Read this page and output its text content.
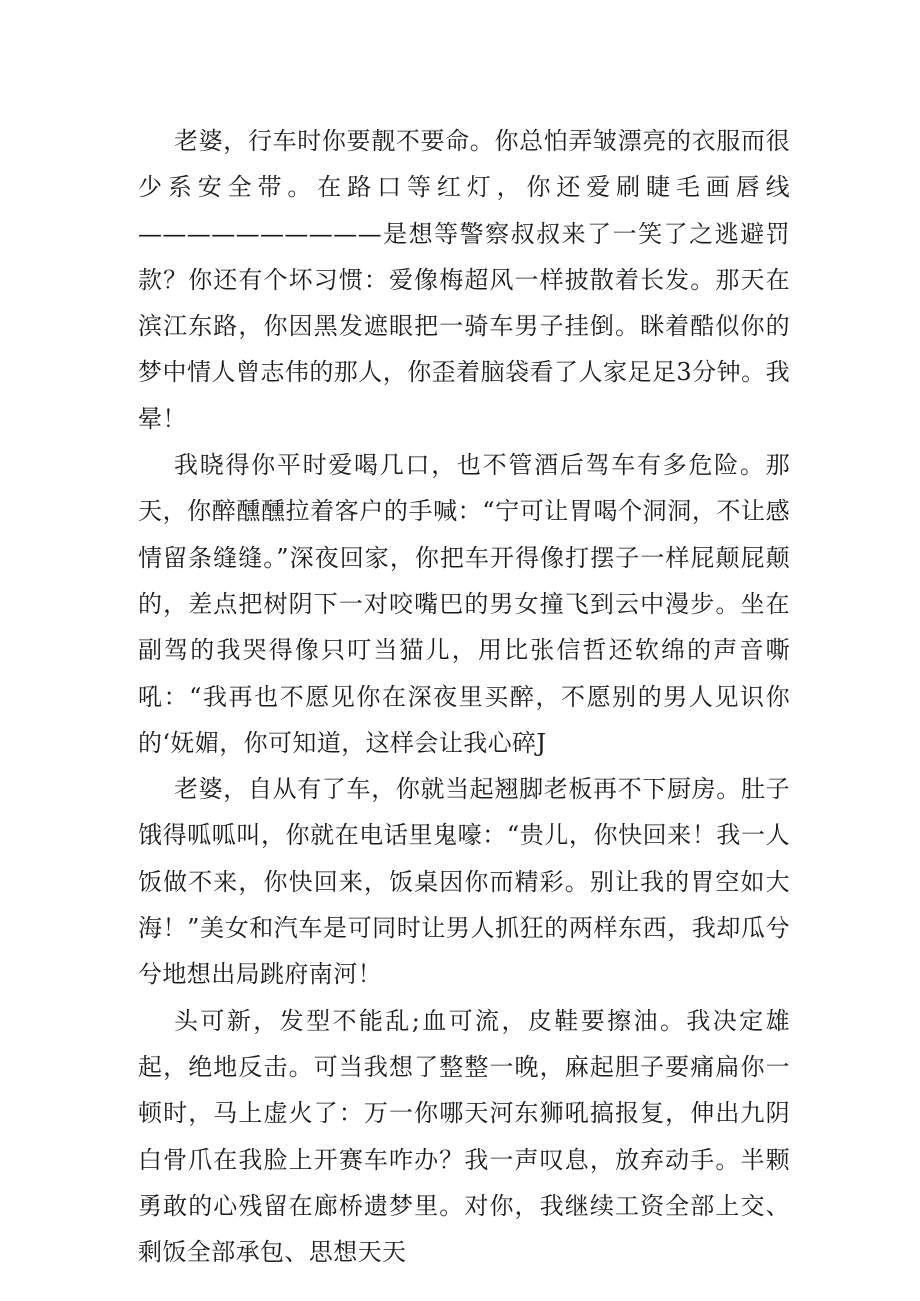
老婆，行车时你要靓不要命。你总怕弄皱漂亮的衣服而很少系安全带。在路口等红灯，你还爱刷睫毛画唇线——————————是想等警察叔叔来了一笑了之逃避罚款？你还有个坏习惯：爱像梅超风一样披散着长发。那天在滨江东路，你因黑发遮眼把一骑车男子挂倒。眯着酷似你的梦中情人曾志伟的那人，你歪着脑袋看了人家足足3分钟。我晕！

我晓得你平时爱喝几口，也不管酒后驾车有多危险。那天，你醉醺醺拉着客户的手喊：“宁可让胃喝个洞洞，不让感情留条缝缝。”深夜回家，你把车开得像打摆子一样屁颠屁颠的，差点把树阴下一对咬嘴巴的男女撞飞到云中漫步。坐在副驾的我哭得像只叮当猫儿，用比张信哲还软绵的声音嘶吼：“我再也不愿见你在深夜里买醉，不愿别的男人见识你的‘妩媚，你可知道，这样会让我心碎J

老婆，自从有了车，你就当起翘脚老板再不下厨房。肚子饿得呱呱叫，你就在电话里鬼嚎：“贵儿，你快回来！我一人饭做不来，你快回来，饭桌因你而精彩。别让我的胃空如大海！”美女和汽车是可同时让男人抓狂的两样东西，我却瓜兮兮地想出局跳府南河！

头可新，发型不能乱;血可流，皮鞋要擦油。我决定雄起，绝地反击。可当我想了整整一晚，麻起胆子要痛扁你一顿时，马上虚火了：万一你哪天河东狮吼搞报复，伸出九阴白骨爪在我脸上开赛车咋办？我一声叹息，放弃动手。半颗勇敢的心残留在廊桥遗梦里。对你，我继续工资全部上交、剩饭全部承包、思想天天
